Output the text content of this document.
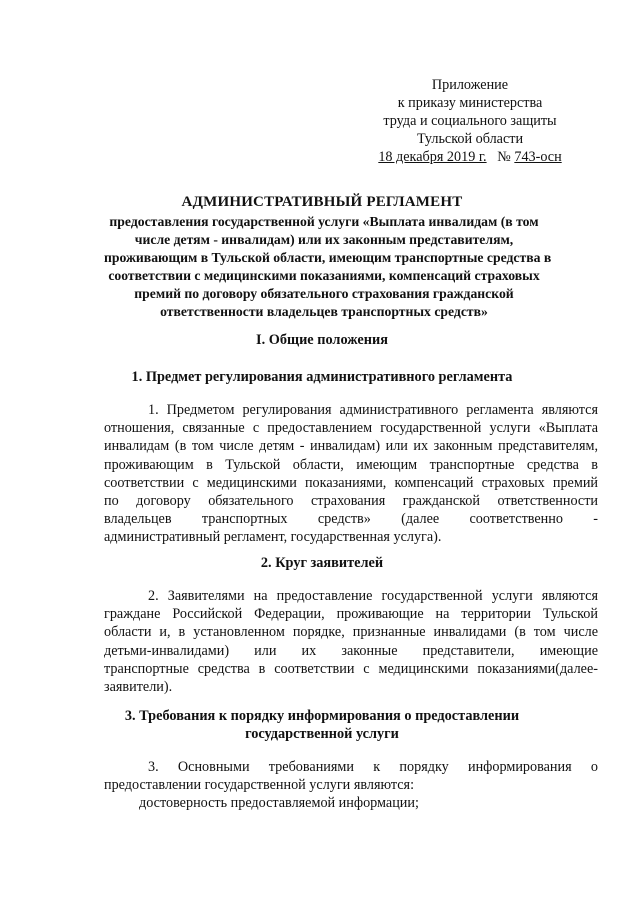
Приложение
к приказу министерства
труда и социального защиты
Тульской области
18 декабря 2019 г. № 743-осн
АДМИНИСТРАТИВНЫЙ РЕГЛАМЕНТ
предоставления государственной услуги «Выплата инвалидам (в том
числе детям - инвалидам) или их законным представителям,
проживающим в Тульской области, имеющим транспортные средства в
соответствии с медицинскими показаниями, компенсаций страховых
премий по договору обязательного страхования гражданской
ответственности владельцев транспортных средств»
I. Общие положения
1. Предмет регулирования административного регламента
1. Предметом регулирования административного регламента являются
отношения, связанные с предоставлением государственной услуги «Выплата
инвалидам (в том числе детям - инвалидам) или их законным представителям,
проживающим в Тульской области, имеющим транспортные средства в
соответствии с медицинскими показаниями, компенсаций страховых премий
по договору обязательного страхования гражданской ответственности
владельцев транспортных средств» (далее соответственно -
административный регламент, государственная услуга).
2. Круг заявителей
2. Заявителями на предоставление государственной услуги являются
граждане Российской Федерации, проживающие на территории Тульской
области и, в установленном порядке, признанные инвалидами (в том числе
детьми-инвалидами) или их законные представители, имеющие
транспортные средства в соответствии с медицинскими показаниями(далее-
заявители).
3. Требования к порядку информирования о предоставлении
государственной услуги
3. Основными требованиями к порядку информирования о
предоставлении государственной услуги являются:
достоверность предоставляемой информации;
